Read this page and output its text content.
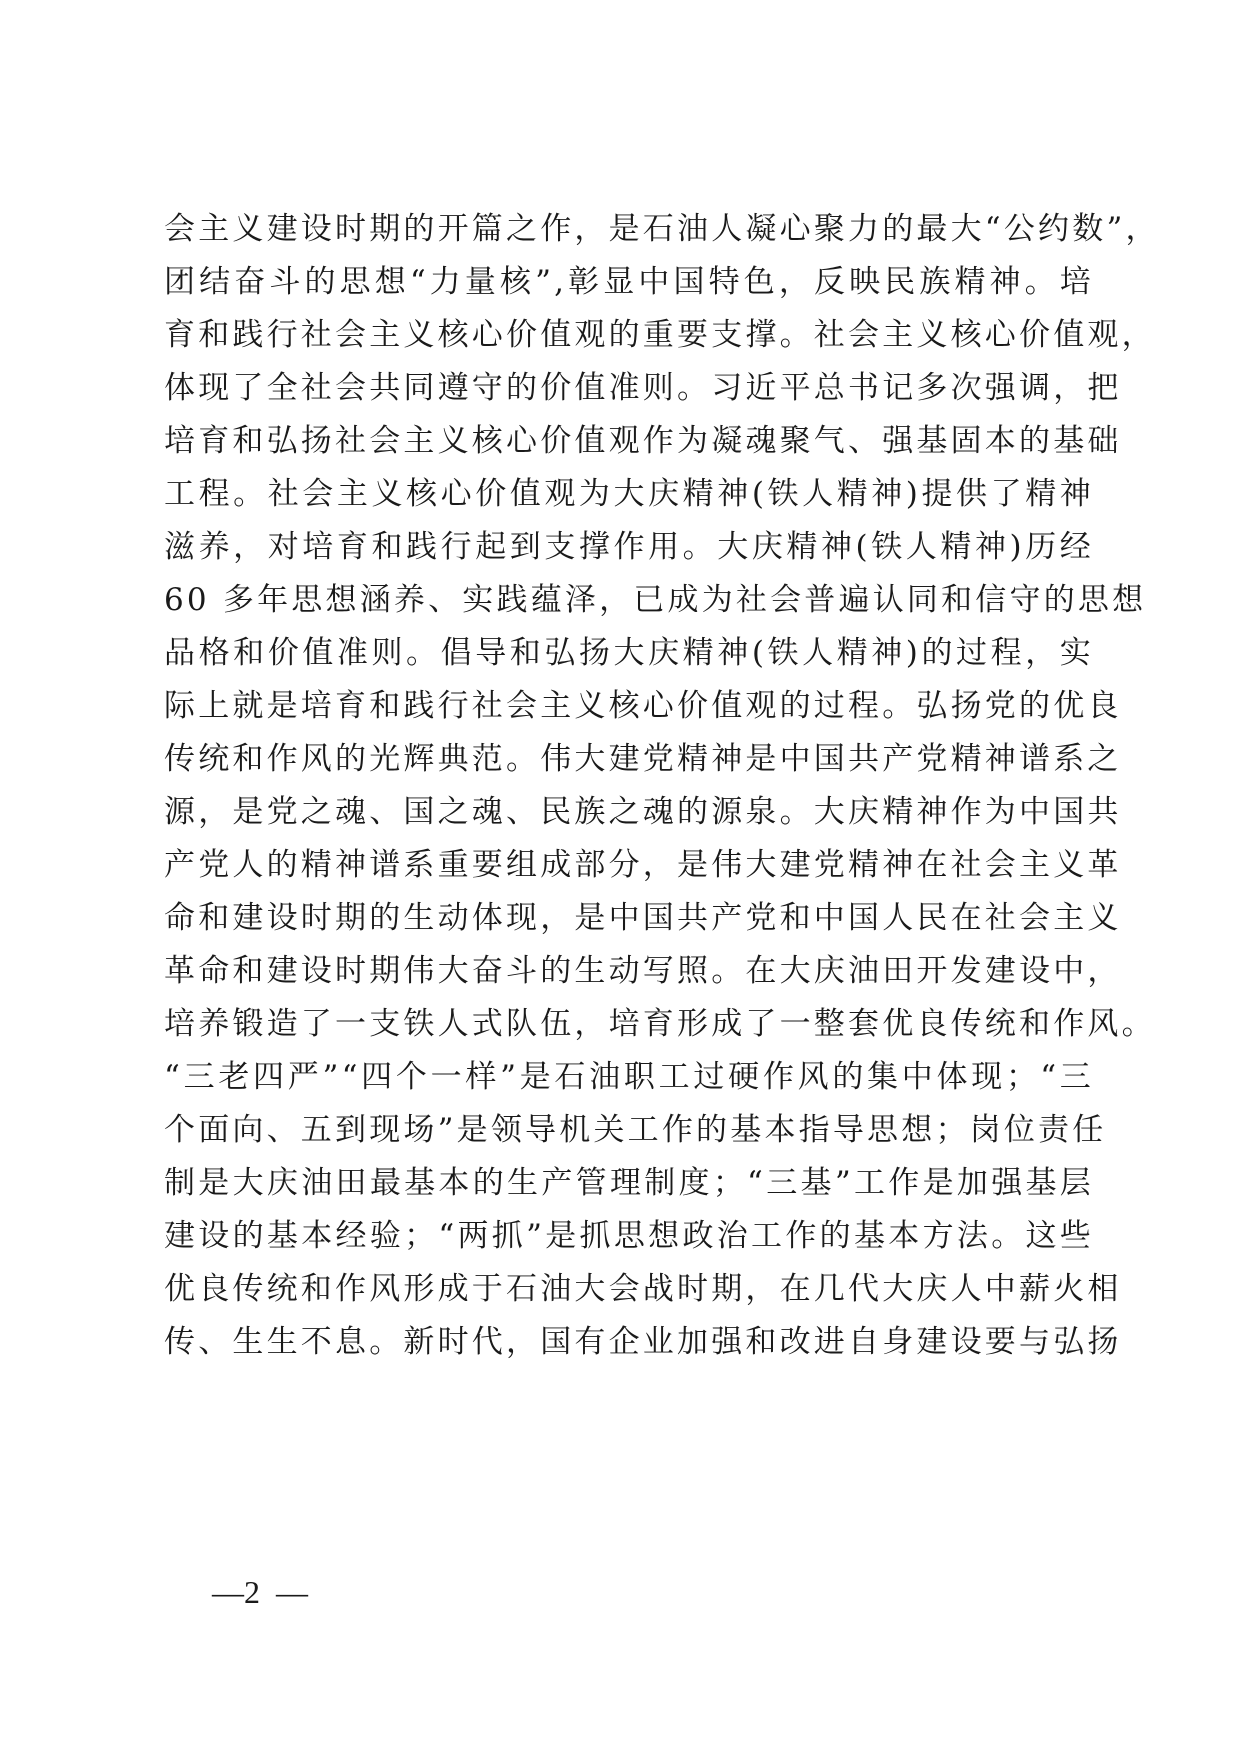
会主义建设时期的开篇之作，是石油人凝心聚力的最大“公约数”，
团结奋斗的思想“力量核”,彰显中国特色，反映民族精神。培
育和践行社会主义核心价值观的重要支撑。社会主义核心价值观，
体现了全社会共同遵守的价值准则。习近平总书记多次强调，把
培育和弘扬社会主义核心价值观作为凝魂聚气、强基固本的基础
工程。社会主义核心价值观为大庆精神(铁人精神)提供了精神
滋养，对培育和践行起到支撑作用。大庆精神(铁人精神)历经
60 多年思想涵养、实践蕴泽，已成为社会普遍认同和信守的思想
品格和价值准则。倡导和弘扬大庆精神(铁人精神)的过程，实
际上就是培育和践行社会主义核心价值观的过程。弘扬党的优良
传统和作风的光辉典范。伟大建党精神是中国共产党精神谱系之
源，是党之魂、国之魂、民族之魂的源泉。大庆精神作为中国共
产党人的精神谱系重要组成部分，是伟大建党精神在社会主义革
命和建设时期的生动体现，是中国共产党和中国人民在社会主义
革命和建设时期伟大奋斗的生动写照。在大庆油田开发建设中，
培养锻造了一支铁人式队伍，培育形成了一整套优良传统和作风。
“三老四严”“四个一样”是石油职工过硬作风的集中体现；“三
个面向、五到现场”是领导机关工作的基本指导思想；岗位责任
制是大庆油田最基本的生产管理制度；“三基”工作是加强基层
建设的基本经验；“两抓”是抓思想政治工作的基本方法。这些
优良传统和作风形成于石油大会战时期，在几代大庆人中薪火相
传、生生不息。新时代，国有企业加强和改进自身建设要与弘扬
—2  —
